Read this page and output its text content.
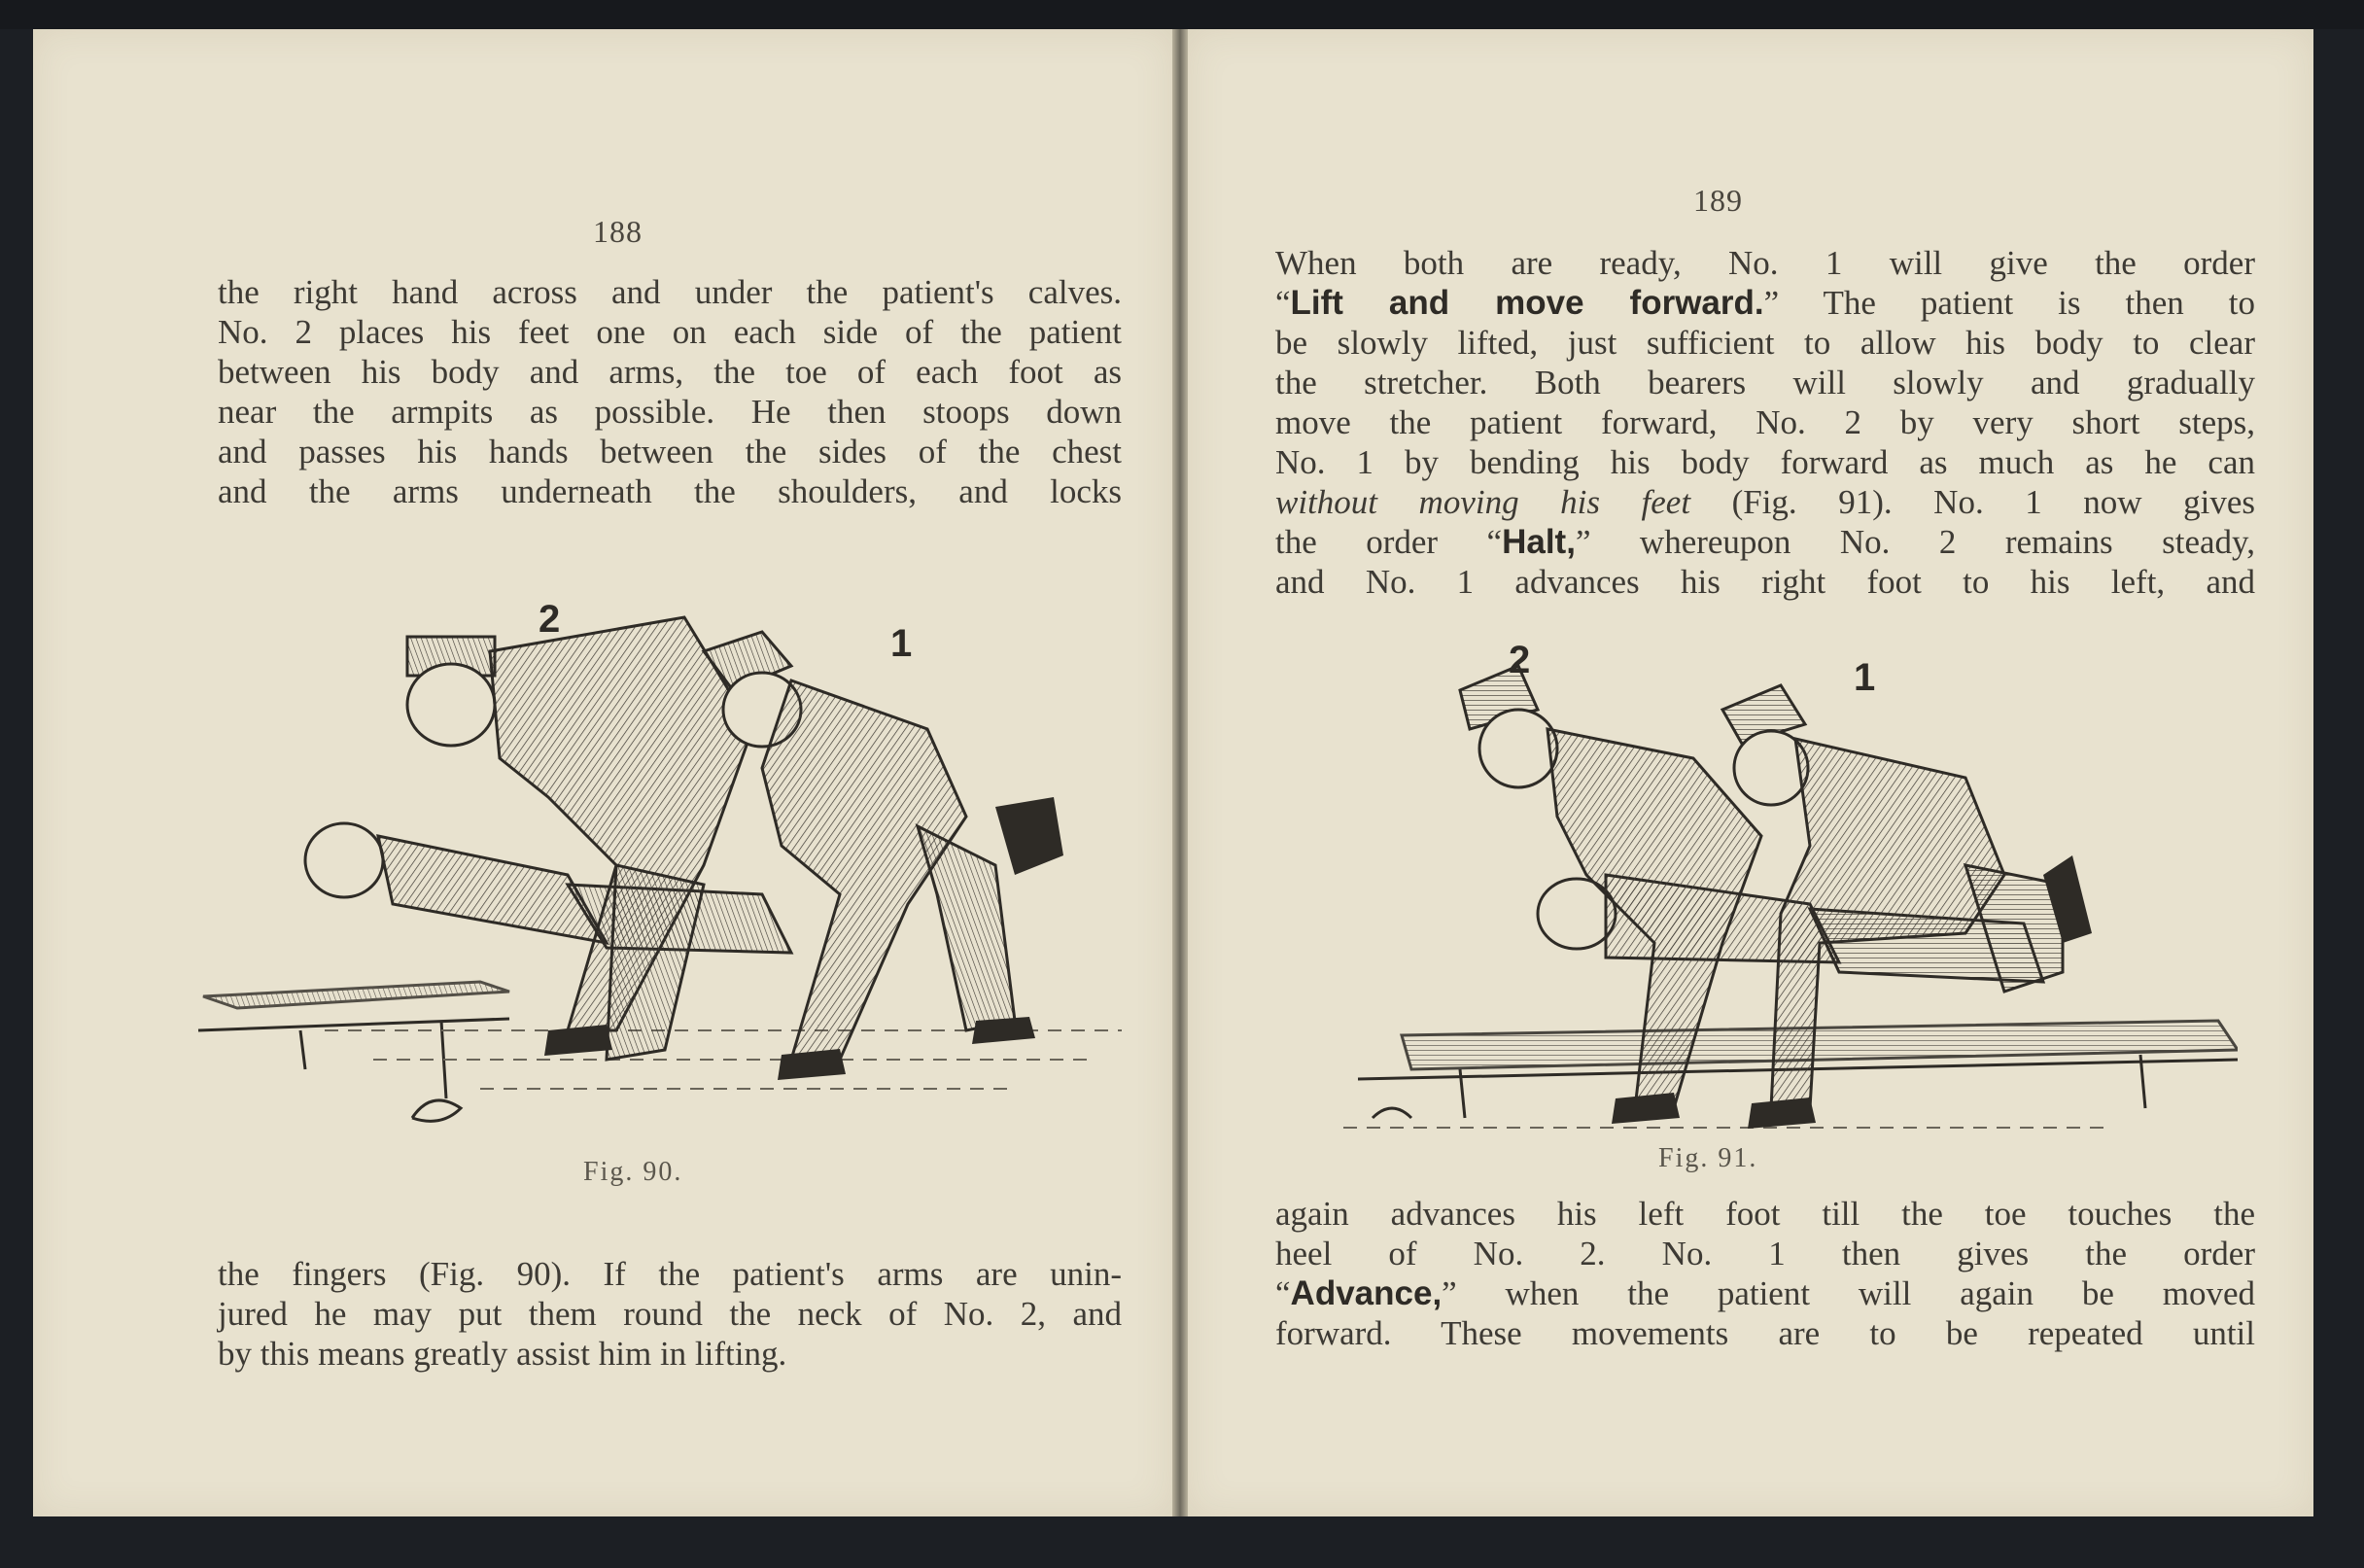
188
the right hand across and under the patient's calves.
No. 2 places his feet one on each side of the patient
between his body and arms, the toe of each foot as
near the armpits as possible. He then stoops down
and passes his hands between the sides of the chest
and the arms underneath the shoulders, and locks
2
1
Fig. 90.
the fingers (Fig. 90). If the patient's arms are unin-
jured he may put them round the neck of No. 2, and
by this means greatly assist him in lifting.
189
When both are ready, No. 1 will give the order
“Lift and move forward.” The patient is then to
be slowly lifted, just sufficient to allow his body to clear
the stretcher. Both bearers will slowly and gradually
move the patient forward, No. 2 by very short steps,
No. 1 by bending his body forward as much as he can
without moving his feet (Fig. 91). No. 1 now gives
the order “Halt,” whereupon No. 2 remains steady,
and No. 1 advances his right foot to his left, and
2	1
Fig. 91.
again advances his left foot till the toe touches the
heel of No. 2. No. 1 then gives the order
“Advance,” when the patient will again be moved
forward. These movements are to be repeated until
